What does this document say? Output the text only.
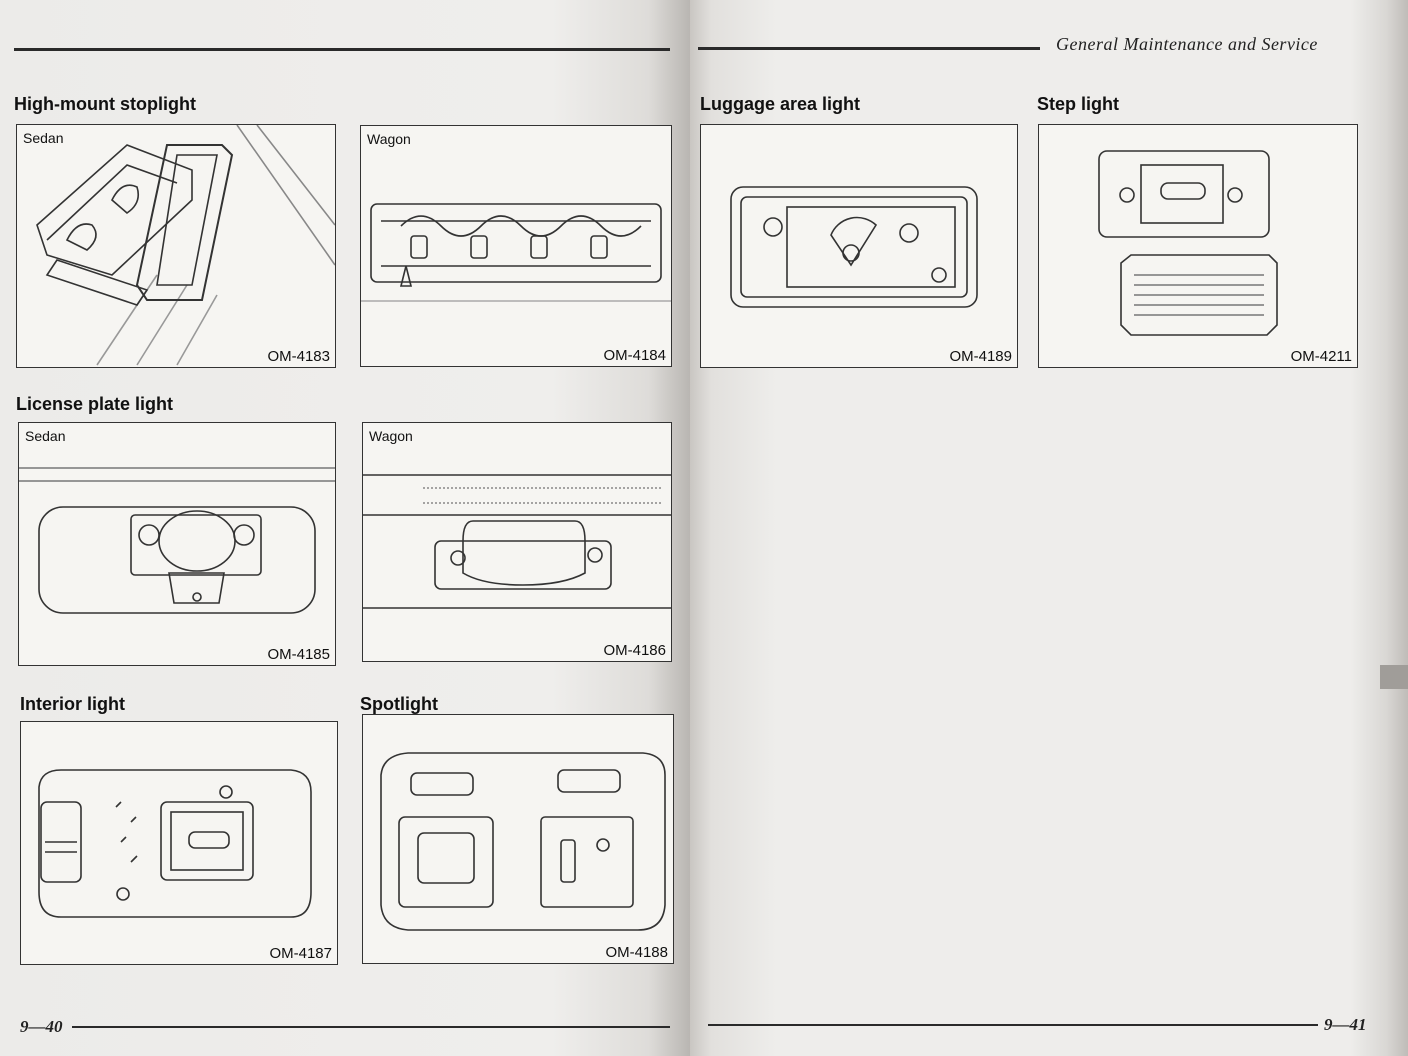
High-mount stoplight
Sedan
OM-4183
Wagon
OM-4184
License plate light
Sedan
OM-4185
Wagon
OM-4186
Interior light
OM-4187
Spotlight
OM-4188
9—40
General Maintenance and Service
Luggage area light
OM-4189
Step light
OM-4211
9—41
